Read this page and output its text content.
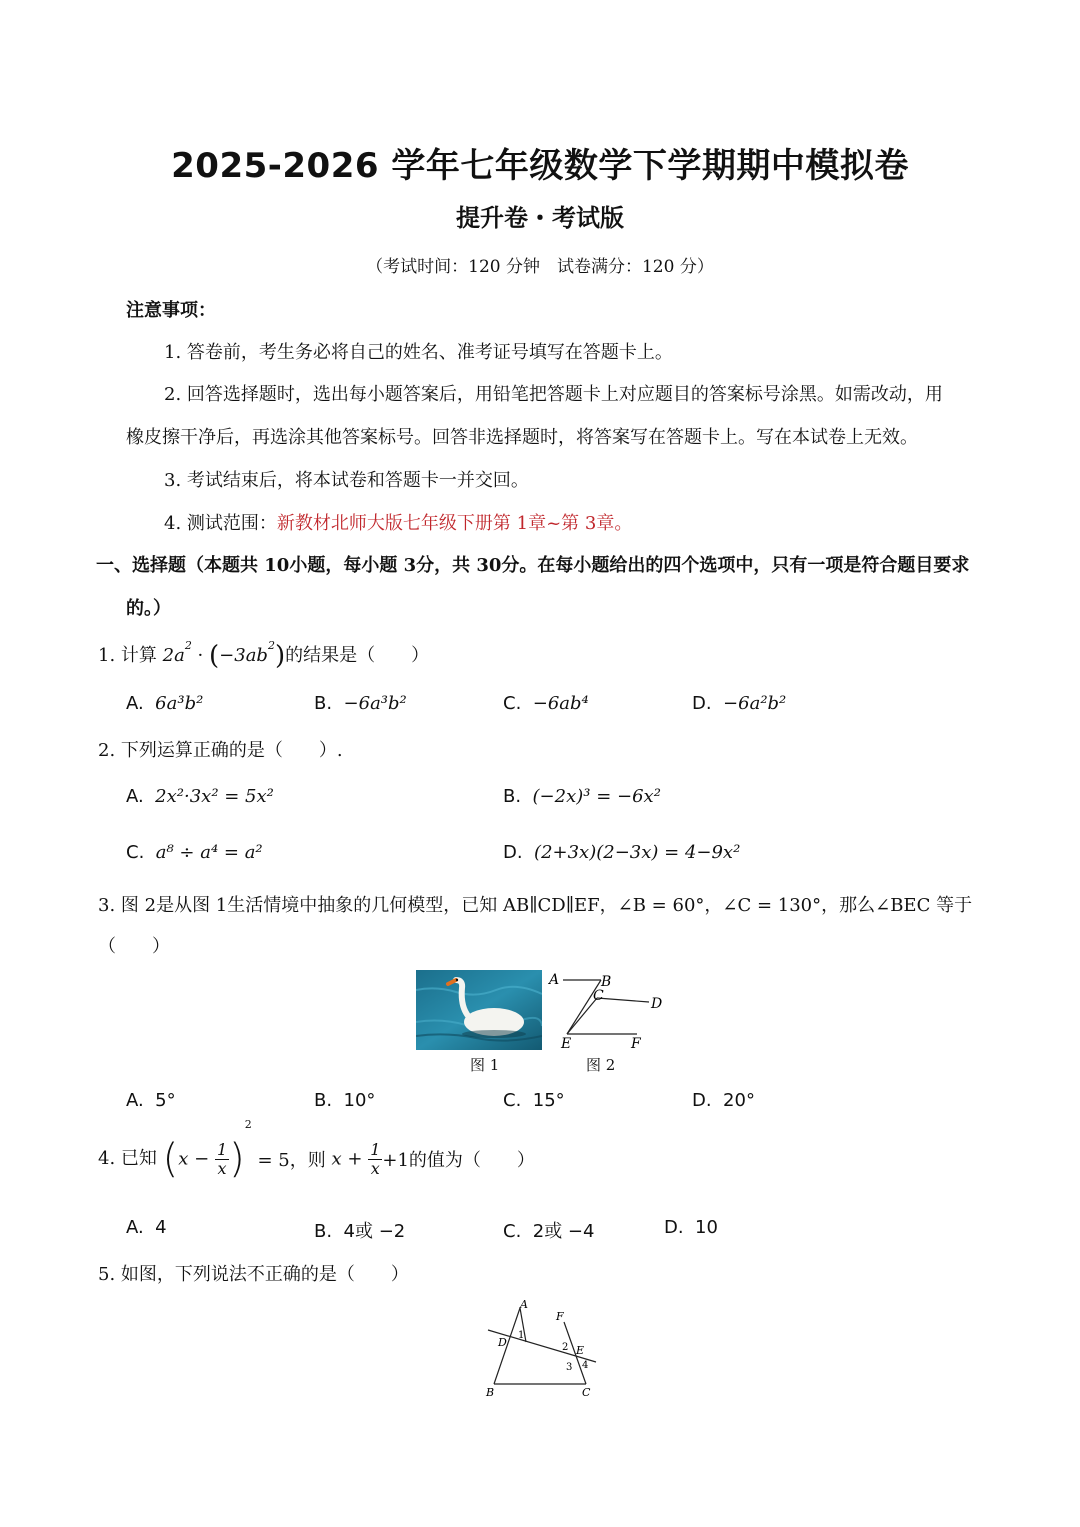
2025-2026 学年七年级数学下学期期中模拟卷
提升卷・考试版
（考试时间：120 分钟　试卷满分：120 分）
注意事项：
1. 答卷前，考生务必将自己的姓名、准考证号填写在答题卡上。
2. 回答选择题时，选出每小题答案后，用铅笔把答题卡上对应题目的答案标号涂黑。如需改动，用
橡皮擦干净后，再选涂其他答案标号。回答非选择题时，将答案写在答题卡上。写在本试卷上无效。
3. 考试结束后，将本试卷和答题卡一并交回。
4. 测试范围：新教材北师大版七年级下册第 1章~第 3章。
一、选择题（本题共 10小题，每小题 3分，共 30分。在每小题给出的四个选项中，只有一项是符合题目要求
的。）
1. 计算 $2a^2 \cdot (-3ab^2)$的结果是（　　）
A. 6a³b²	B. −6a³b²	C. −6ab⁴	D. −6a²b²
2. 下列运算正确的是（　　）.
A. 2x²·3x² = 5x²	B. (−2x)³ = −6x²
C. a⁸ ÷ a⁴ = a²	D. (2+3x)(2−3x) = 4−9x²
3. 图 2是从图 1生活情境中抽象的几何模型，已知 AB∥CD∥EF，∠B = 60°，∠C = 130°，那么∠BEC 等于
（　　）
图 1
A	B
C	D
E	F
图 2
A. 5°	B. 10°	C. 15°	D. 20°
4. 已知 $(x - \frac{1}{x} )^2 = 5$，则 $x + \frac{1}{x} +1$的值为（　　）
A. 4	B. 4或 −2	C. 2或 −4	D. 10
5. 如图，下列说法不正确的是（　　）
A
F
D
E
B	C
1
2
3 4
